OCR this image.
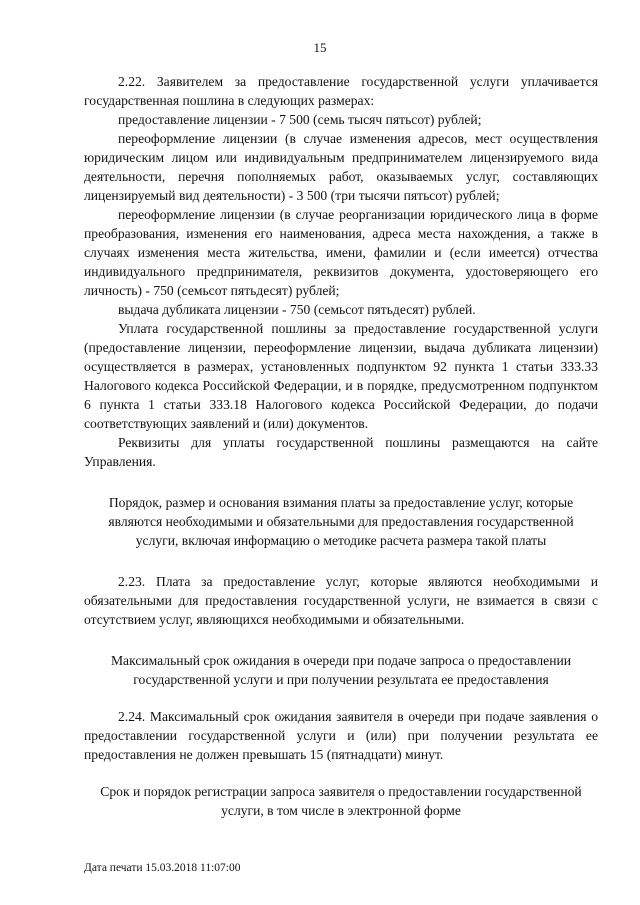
15

2.22. Заявителем за предоставление государственной услуги уплачивается государственная пошлина в следующих размерах:

предоставление лицензии - 7 500 (семь тысяч пятьсот) рублей;

переоформление лицензии (в случае изменения адресов, мест осуществления юридическим лицом или индивидуальным предпринимателем лицензируемого вида деятельности, перечня пополняемых работ, оказываемых услуг, составляющих лицензируемый вид деятельности) - 3 500 (три тысячи пятьсот) рублей;

переоформление лицензии (в случае реорганизации юридического лица в форме преобразования, изменения его наименования, адреса места нахождения, а также в случаях изменения места жительства, имени, фамилии и (если имеется) отчества индивидуального предпринимателя, реквизитов документа, удостоверяющего его личность) - 750 (семьсот пятьдесят) рублей;

выдача дубликата лицензии - 750 (семьсот пятьдесят) рублей.

Уплата государственной пошлины за предоставление государственной услуги (предоставление лицензии, переоформление лицензии, выдача дубликата лицензии) осуществляется в размерах, установленных подпунктом 92 пункта 1 статьи 333.33 Налогового кодекса Российской Федерации, и в порядке, предусмотренном подпунктом 6 пункта 1 статьи 333.18 Налогового кодекса Российской Федерации, до подачи соответствующих заявлений и (или) документов.

Реквизиты для уплаты государственной пошлины размещаются на сайте Управления.

Порядок, размер и основания взимания платы за предоставление услуг, которые являются необходимыми и обязательными для предоставления государственной услуги, включая информацию о методике расчета размера такой платы

2.23. Плата за предоставление услуг, которые являются необходимыми и обязательными для предоставления государственной услуги, не взимается в связи с отсутствием услуг, являющихся необходимыми и обязательными.

Максимальный срок ожидания в очереди при подаче запроса о предоставлении государственной услуги и при получении результата ее предоставления

2.24. Максимальный срок ожидания заявителя в очереди при подаче заявления о предоставлении государственной услуги и (или) при получении результата ее предоставления не должен превышать 15 (пятнадцати) минут.

Срок и порядок регистрации запроса заявителя о предоставлении государственной услуги, в том числе в электронной форме
Дата печати 15.03.2018 11:07:00
